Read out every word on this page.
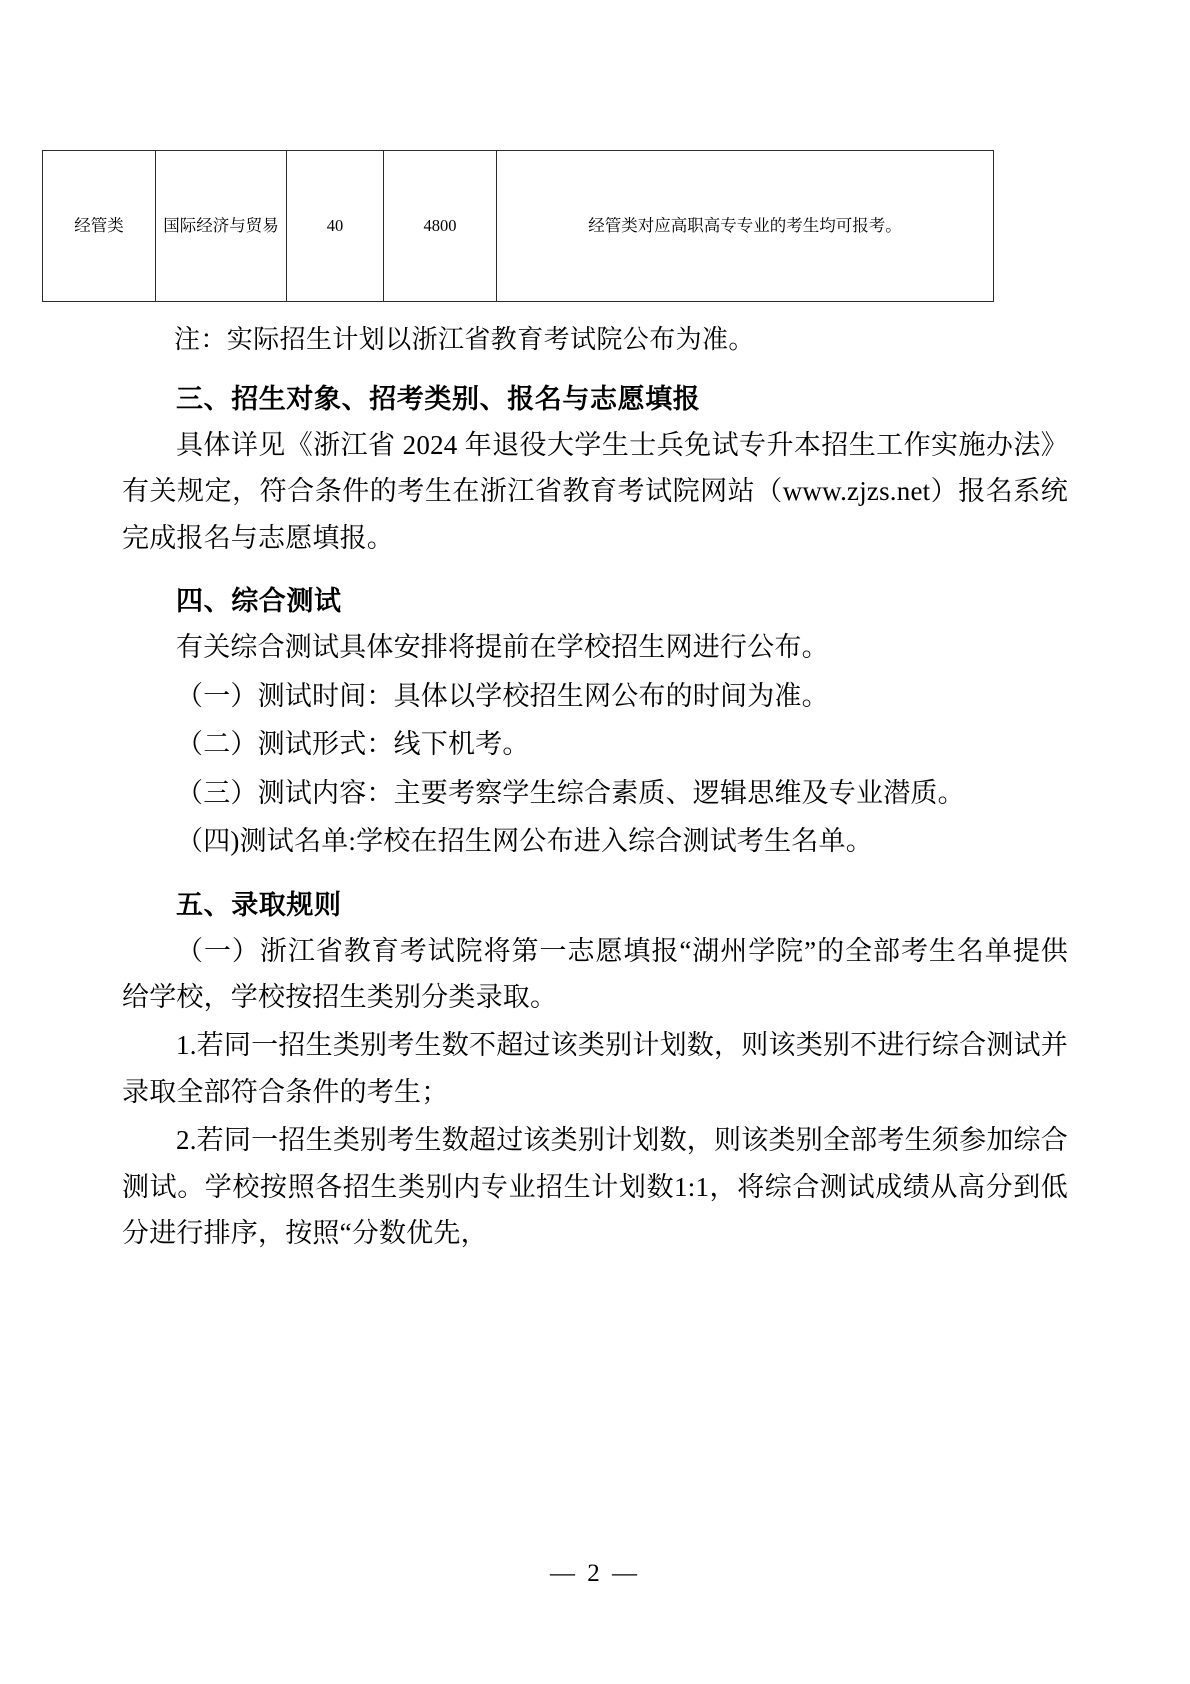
经管类	国际经济与贸易	40	4800	经管类对应高职高专专业的考生均可报考。

注：实际招生计划以浙江省教育考试院公布为准。

三、招生对象、招考类别、报名与志愿填报

具体详见《浙江省 2024 年退役大学生士兵免试专升本招生工作实施办法》有关规定，符合条件的考生在浙江省教育考试院网站（www.zjzs.net）报名系统完成报名与志愿填报。

四、综合测试

有关综合测试具体安排将提前在学校招生网进行公布。

（一）测试时间：具体以学校招生网公布的时间为准。

（二）测试形式：线下机考。

（三）测试内容：主要考察学生综合素质、逻辑思维及专业潜质。

（四)测试名单:学校在招生网公布进入综合测试考生名单。

五、录取规则

（一）浙江省教育考试院将第一志愿填报“湖州学院”的全部考生名单提供给学校，学校按招生类别分类录取。

1.若同一招生类别考生数不超过该类别计划数，则该类别不进行综合测试并录取全部符合条件的考生；

2.若同一招生类别考生数超过该类别计划数，则该类别全部考生须参加综合测试。学校按照各招生类别内专业招生计划数1:1，将综合测试成绩从高分到低分进行排序，按照“分数优先，

— 2 —
